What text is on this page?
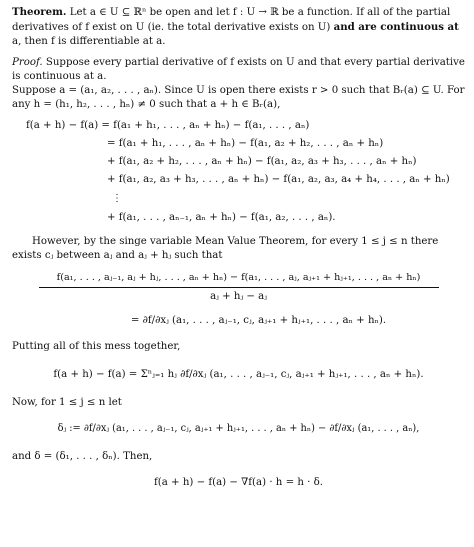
Theorem. Let a ∈ U ⊆ ℝⁿ be open and let f : U → ℝ be a function. If all of the partial derivatives of f exist on U (ie. the total derivative exists on U) and are continuous at a, then f is differentiable at a.

Proof. Suppose every partial derivative of f exists on U and that every partial derivative is continuous at a.

Suppose a = (a₁, a₂, . . . , aₙ). Since U is open there exists r > 0 such that Bᵣ(a) ⊆ U. For any h = (h₁, h₂, . . . , hₙ) ≠ 0 such that a + h ∈ Bᵣ(a),

f(a + h) − f(a) = f(a₁ + h₁, . . . , aₙ + hₙ) − f(a₁, . . . , aₙ)
= f(a₁ + h₁, . . . , aₙ + hₙ) − f(a₁, a₂ + h₂, . . . , aₙ + hₙ)
+ f(a₁, a₂ + h₂, . . . , aₙ + hₙ) − f(a₁, a₂, a₃ + h₃, . . . , aₙ + hₙ)
+ f(a₁, a₂, a₃ + h₃, . . . , aₙ + hₙ) − f(a₁, a₂, a₃, a₄ + h₄, . . . , aₙ + hₙ)
⋮
+ f(a₁, . . . , aₙ₋₁, aₙ + hₙ) − f(a₁, a₂, . . . , aₙ).

However, by the singe variable Mean Value Theorem, for every 1 ≤ j ≤ n there exists cⱼ between aⱼ and aⱼ + hⱼ such that

f(a₁, . . . , aⱼ₋₁, aⱼ + hⱼ, . . . , aₙ + hₙ) − f(a₁, . . . , aⱼ, aⱼ₊₁ + hⱼ₊₁, . . . , aₙ + hₙ)
aⱼ + hⱼ − aⱼ
= ∂f/∂xⱼ (a₁, . . . , aⱼ₋₁, cⱼ, aⱼ₊₁ + hⱼ₊₁, . . . , aₙ + hₙ).

Putting all of this mess together,

f(a + h) − f(a) = Σⁿⱼ₌₁ hⱼ ∂f/∂xⱼ (a₁, . . . , aⱼ₋₁, cⱼ, aⱼ₊₁ + hⱼ₊₁, . . . , aₙ + hₙ).

Now, for 1 ≤ j ≤ n let

δⱼ := ∂f/∂xⱼ (a₁, . . . , aⱼ₋₁, cⱼ, aⱼ₊₁ + hⱼ₊₁, . . . , aₙ + hₙ) − ∂f/∂xⱼ (a₁, . . . , aₙ),

and δ = (δ₁, . . . , δₙ). Then,

f(a + h) − f(a) − ∇f(a) · h = h · δ.
